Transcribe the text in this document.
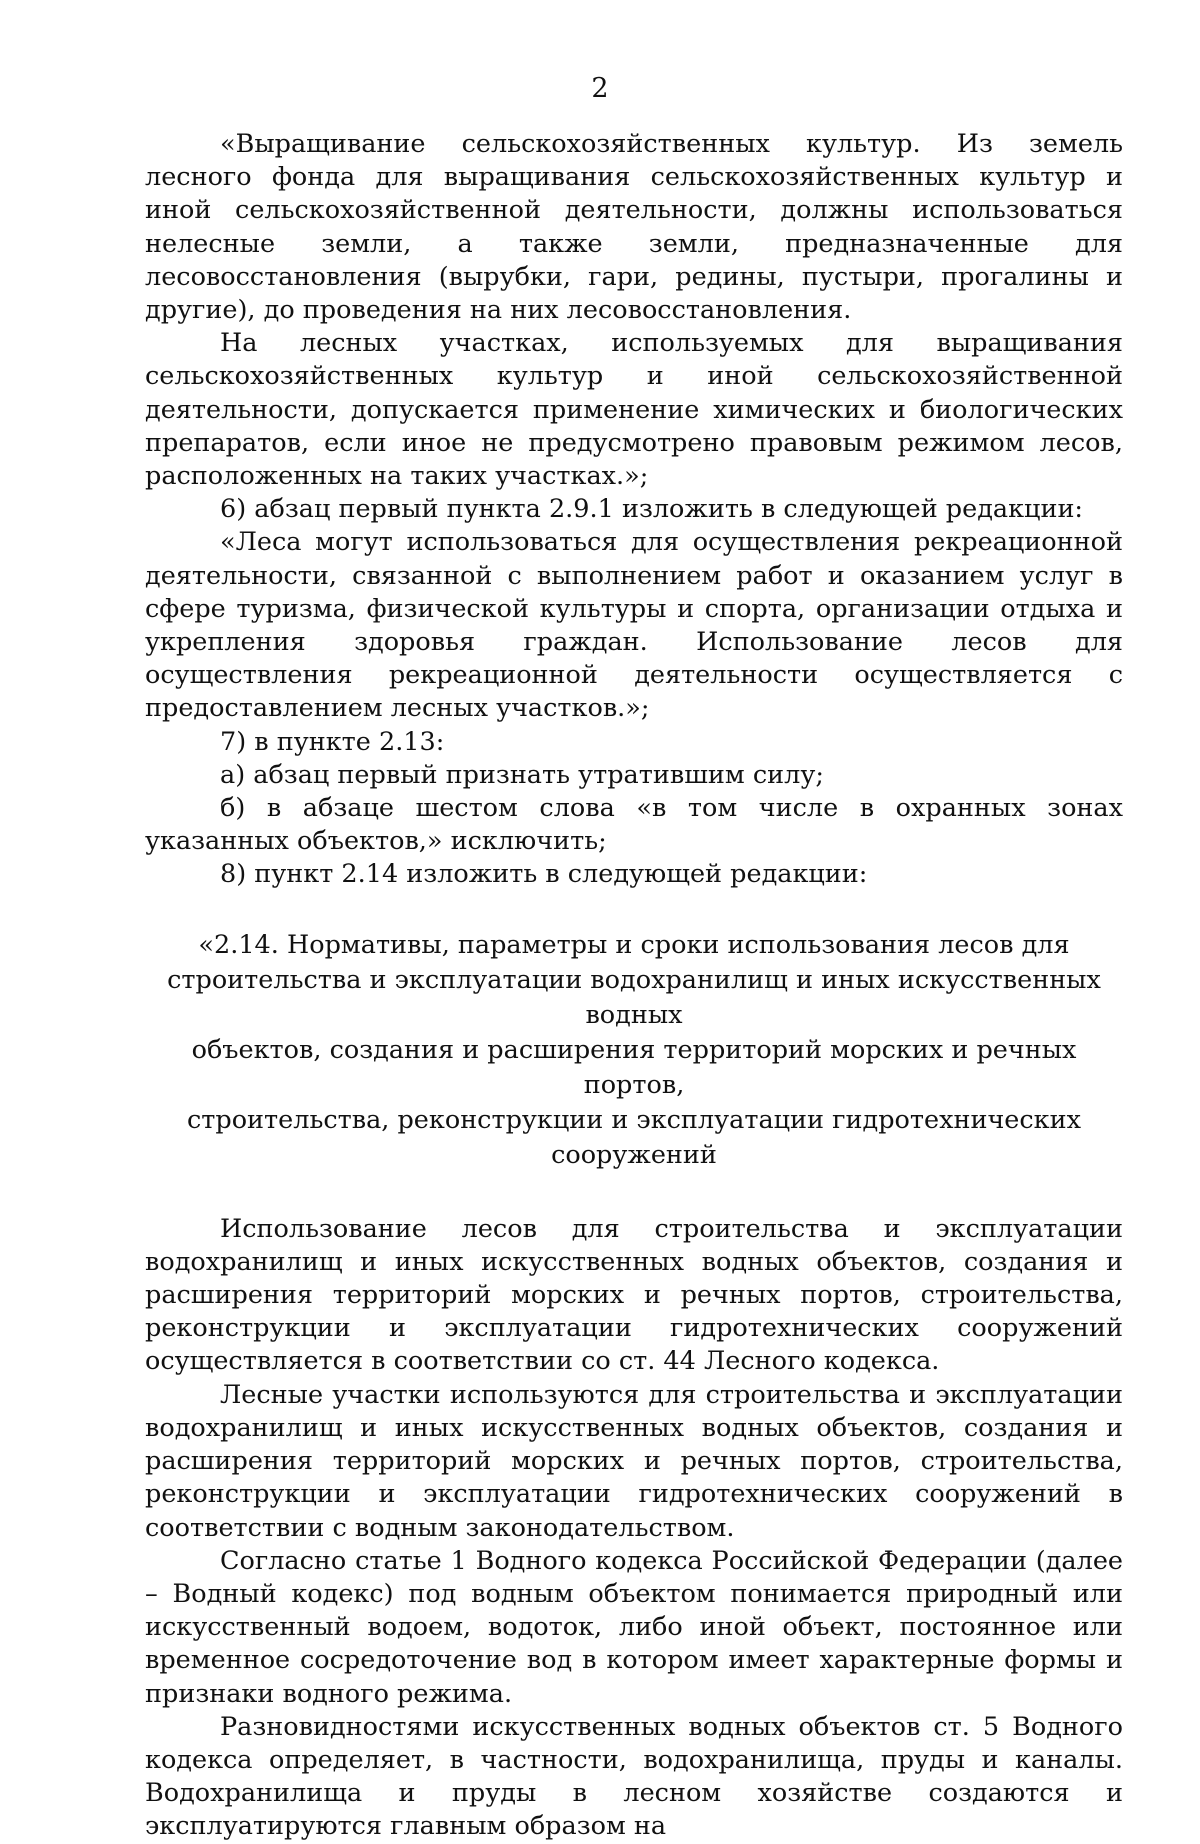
2

«Выращивание сельскохозяйственных культур. Из земель лесного фонда для выращивания сельскохозяйственных культур и иной сельскохозяйственной деятельности, должны использоваться нелесные земли, а также земли, предназначенные для лесовосстановления (вырубки, гари, редины, пустыри, прогалины и другие), до проведения на них лесовосстановления.

На лесных участках, используемых для выращивания сельскохозяйственных культур и иной сельскохозяйственной деятельности, допускается применение химических и биологических препаратов, если иное не предусмотрено правовым режимом лесов, расположенных на таких участках.»;

6) абзац первый пункта 2.9.1 изложить в следующей редакции:

«Леса могут использоваться для осуществления рекреационной деятельности, связанной с выполнением работ и оказанием услуг в сфере туризма, физической культуры и спорта, организации отдыха и укрепления здоровья граждан. Использование лесов для осуществления рекреационной деятельности осуществляется с предоставлением лесных участков.»;

7) в пункте 2.13:

а) абзац первый признать утратившим силу;

б) в абзаце шестом слова «в том числе в охранных зонах указанных объектов,» исключить;

8) пункт 2.14 изложить в следующей редакции:

«2.14. Нормативы, параметры и сроки использования лесов для
строительства и эксплуатации водохранилищ и иных искусственных водных
объектов, создания и расширения территорий морских и речных портов,
строительства, реконструкции и эксплуатации гидротехнических сооружений

Использование лесов для строительства и эксплуатации водохранилищ и иных искусственных водных объектов, создания и расширения территорий морских и речных портов, строительства, реконструкции и эксплуатации гидротехнических сооружений осуществляется в соответствии со ст. 44 Лесного кодекса.

Лесные участки используются для строительства и эксплуатации водохранилищ и иных искусственных водных объектов, создания и расширения территорий морских и речных портов, строительства, реконструкции и эксплуатации гидротехнических сооружений в соответствии с водным законодательством.

Согласно статье 1 Водного кодекса Российской Федерации (далее – Водный кодекс) под водным объектом понимается природный или искусственный водоем, водоток, либо иной объект, постоянное или временное сосредоточение вод в котором имеет характерные формы и признаки водного режима.

Разновидностями искусственных водных объектов ст. 5 Водного кодекса определяет, в частности, водохранилища, пруды и каналы. Водохранилища и пруды в лесном хозяйстве создаются и эксплуатируются главным образом на
